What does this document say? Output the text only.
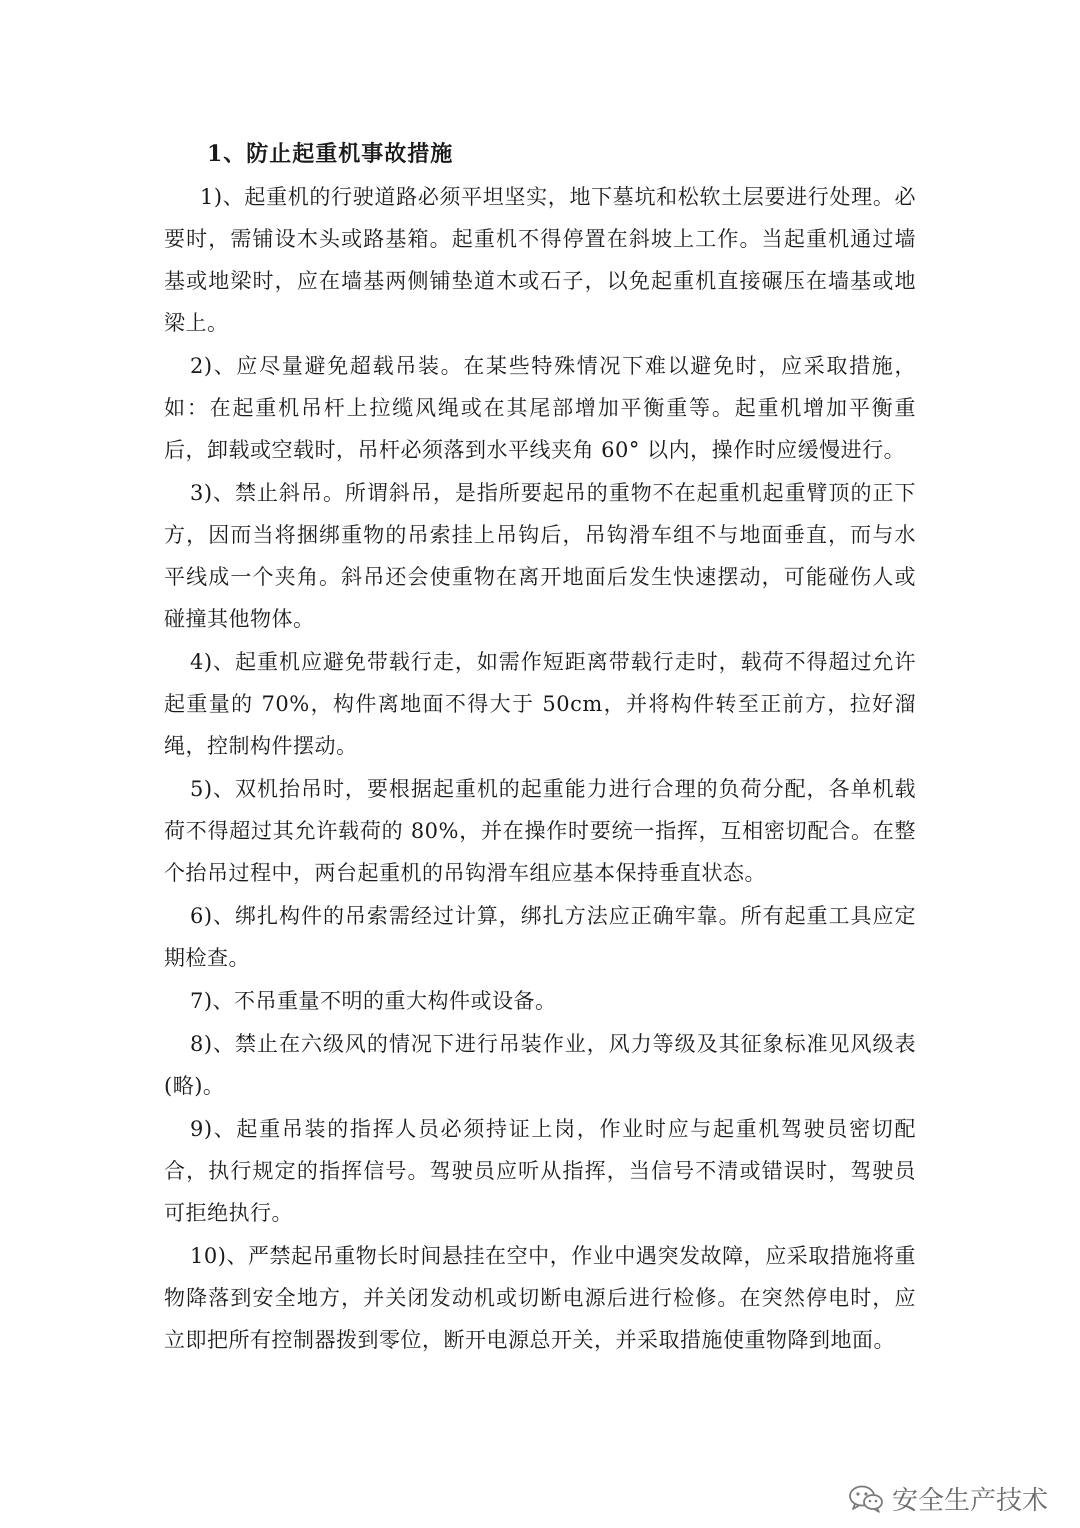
1、防止起重机事故措施

1)、起重机的行驶道路必须平坦坚实，地下墓坑和松软土层要进行处理。必要时，需铺设木头或路基箱。起重机不得停置在斜坡上工作。当起重机通过墙基或地梁时，应在墙基两侧铺垫道木或石子，以免起重机直接碾压在墙基或地梁上。

2)、应尽量避免超载吊装。在某些特殊情况下难以避免时，应采取措施，如：在起重机吊杆上拉缆风绳或在其尾部增加平衡重等。起重机增加平衡重后，卸载或空载时，吊杆必须落到水平线夹角 60° 以内，操作时应缓慢进行。

3)、禁止斜吊。所谓斜吊，是指所要起吊的重物不在起重机起重臂顶的正下方，因而当将捆绑重物的吊索挂上吊钩后，吊钩滑车组不与地面垂直，而与水平线成一个夹角。斜吊还会使重物在离开地面后发生快速摆动，可能碰伤人或碰撞其他物体。

4)、起重机应避免带载行走，如需作短距离带载行走时，载荷不得超过允许起重量的 70%，构件离地面不得大于 50cm，并将构件转至正前方，拉好溜绳，控制构件摆动。

5)、双机抬吊时，要根据起重机的起重能力进行合理的负荷分配，各单机载荷不得超过其允许载荷的 80%，并在操作时要统一指挥，互相密切配合。在整个抬吊过程中，两台起重机的吊钩滑车组应基本保持垂直状态。

6)、绑扎构件的吊索需经过计算，绑扎方法应正确牢靠。所有起重工具应定期检查。

7)、不吊重量不明的重大构件或设备。

8)、禁止在六级风的情况下进行吊装作业，风力等级及其征象标准见风级表(略)。

9)、起重吊装的指挥人员必须持证上岗，作业时应与起重机驾驶员密切配合，执行规定的指挥信号。驾驶员应听从指挥，当信号不清或错误时，驾驶员可拒绝执行。

10)、严禁起吊重物长时间悬挂在空中，作业中遇突发故障，应采取措施将重物降落到安全地方，并关闭发动机或切断电源后进行检修。在突然停电时，应立即把所有控制器拨到零位，断开电源总开关，并采取措施使重物降到地面。

安全生产技术
